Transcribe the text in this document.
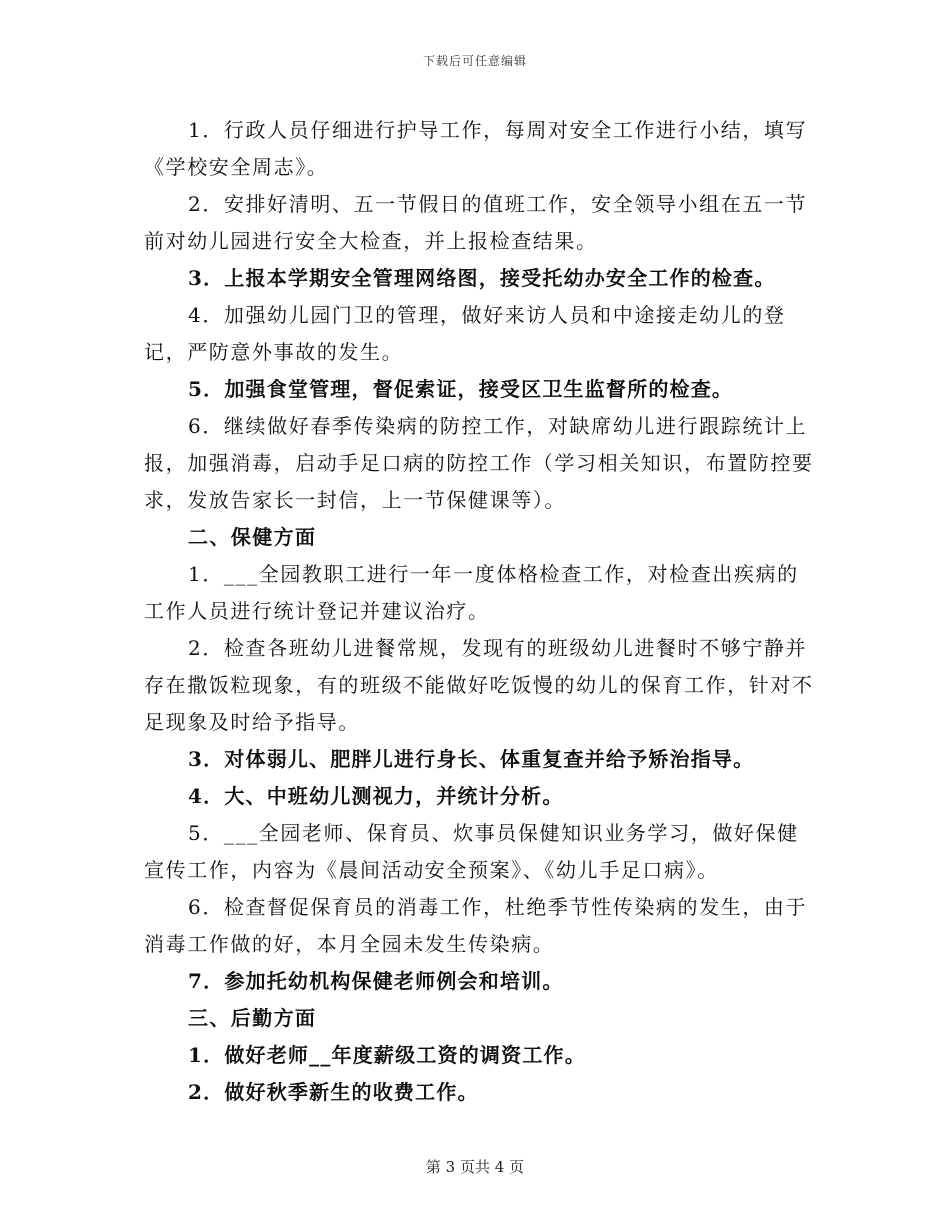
下载后可任意编辑

1．行政人员仔细进行护导工作，每周对安全工作进行小结，填写《学校安全周志》。

2．安排好清明、五一节假日的值班工作，安全领导小组在五一节前对幼儿园进行安全大检查，并上报检查结果。

3．上报本学期安全管理网络图，接受托幼办安全工作的检查。

4．加强幼儿园门卫的管理，做好来访人员和中途接走幼儿的登记，严防意外事故的发生。

5．加强食堂管理，督促索证，接受区卫生监督所的检查。

6．继续做好春季传染病的防控工作，对缺席幼儿进行跟踪统计上报，加强消毒，启动手足口病的防控工作（学习相关知识，布置防控要求，发放告家长一封信，上一节保健课等）。

二、保健方面

1．___全园教职工进行一年一度体格检查工作，对检查出疾病的工作人员进行统计登记并建议治疗。

2．检查各班幼儿进餐常规，发现有的班级幼儿进餐时不够宁静并存在撒饭粒现象，有的班级不能做好吃饭慢的幼儿的保育工作，针对不足现象及时给予指导。

3．对体弱儿、肥胖儿进行身长、体重复查并给予矫治指导。

4．大、中班幼儿测视力，并统计分析。

5．___全园老师、保育员、炊事员保健知识业务学习，做好保健宣传工作，内容为《晨间活动安全预案》、《幼儿手足口病》。

6．检查督促保育员的消毒工作，杜绝季节性传染病的发生，由于消毒工作做的好，本月全园未发生传染病。

7．参加托幼机构保健老师例会和培训。

三、后勤方面

1．做好老师__年度薪级工资的调资工作。

2．做好秋季新生的收费工作。

第 3 页共 4 页
